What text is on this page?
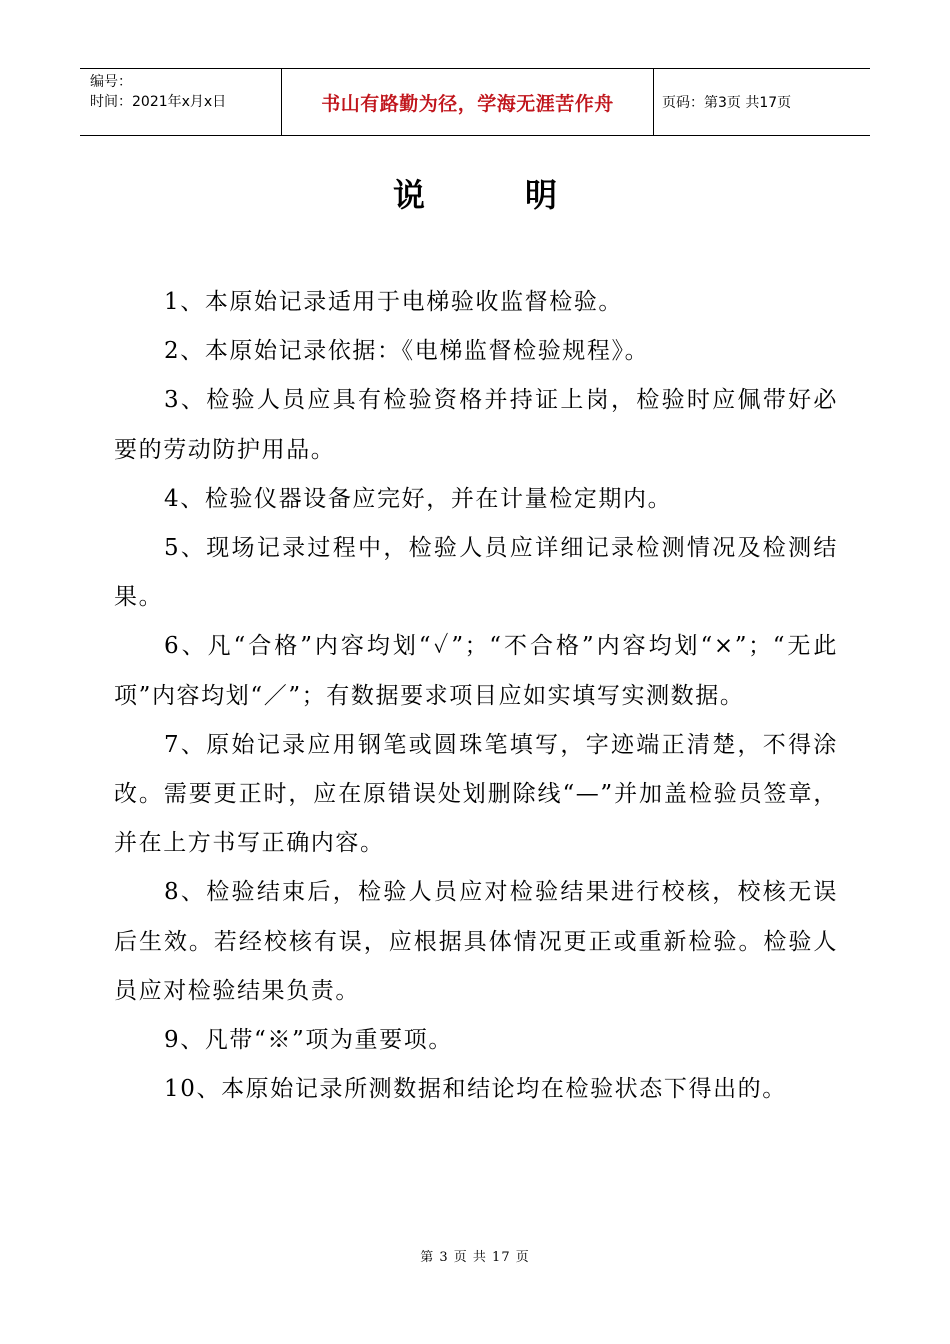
编号：
时间：2021年x月x日	书山有路勤为径，学海无涯苦作舟	页码：第3页 共17页
说	明

1、本原始记录适用于电梯验收监督检验。

2、本原始记录依据：《电梯监督检验规程》。

3、检验人员应具有检验资格并持证上岗，检验时应佩带好必要的劳动防护用品。

4、检验仪器设备应完好，并在计量检定期内。

5、现场记录过程中，检验人员应详细记录检测情况及检测结果。

6、凡“合格”内容均划“✓”；“不合格”内容均划“×”；“无此项”内容均划“／”；有数据要求项目应如实填写实测数据。

7、原始记录应用钢笔或圆珠笔填写，字迹端正清楚，不得涂改。需要更正时，应在原错误处划删除线“—”并加盖检验员签章，并在上方书写正确内容。

8、检验结束后，检验人员应对检验结果进行校核，校核无误后生效。若经校核有误，应根据具体情况更正或重新检验。检验人员应对检验结果负责。

9、凡带“※”项为重要项。

10、本原始记录所测数据和结论均在检验状态下得出的。

第 3 页 共 17 页
